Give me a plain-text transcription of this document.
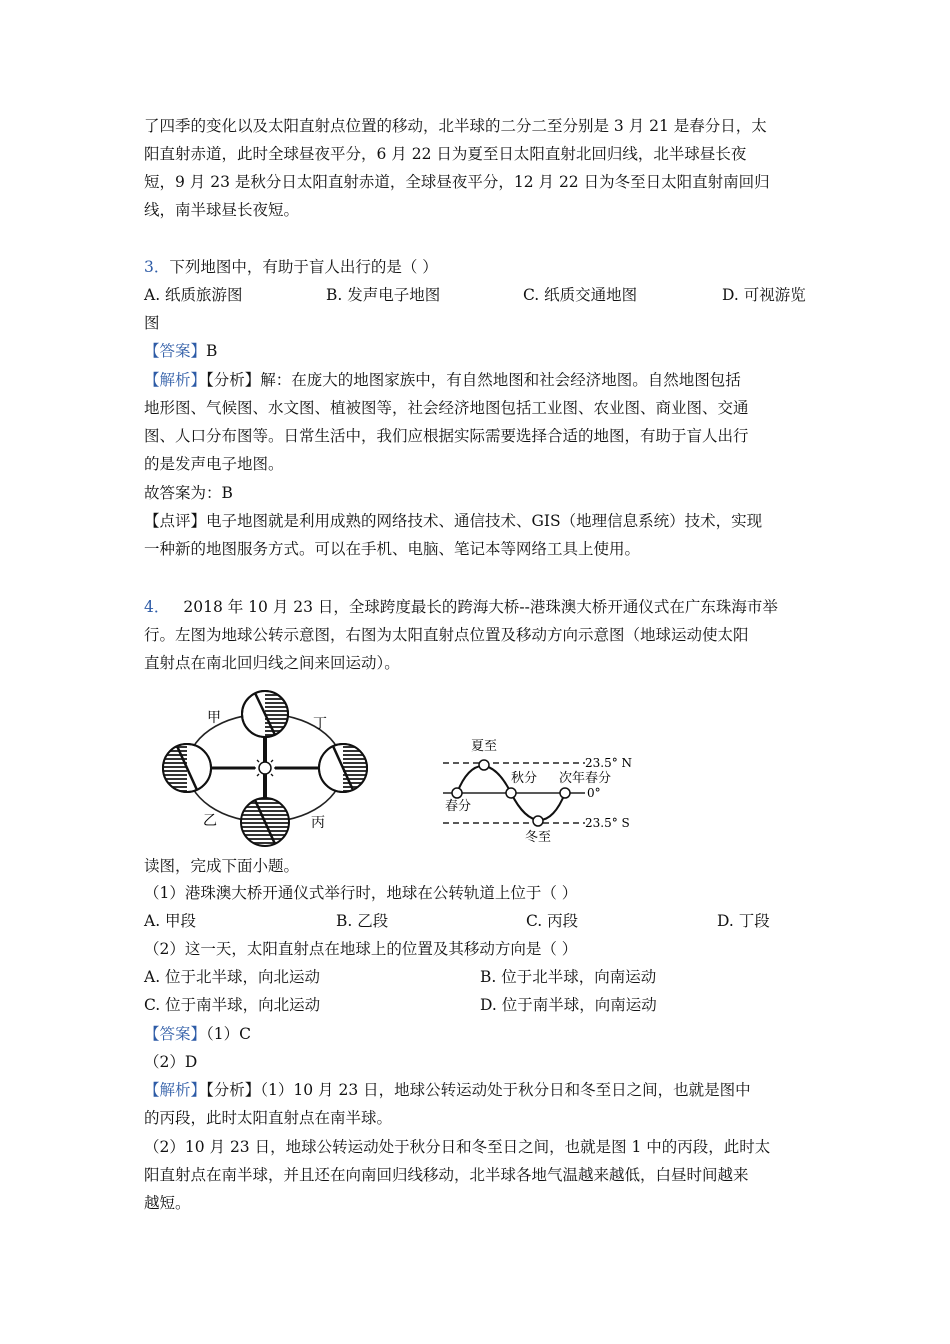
了四季的变化以及太阳直射点位置的移动，北半球的二分二至分别是 3 月 21 是春分日，太
阳直射赤道，此时全球昼夜平分，6 月 22 日为夏至日太阳直射北回归线，北半球昼长夜
短，9 月 23 是秋分日太阳直射赤道，全球昼夜平分，12 月 22 日为冬至日太阳直射南回归
线，南半球昼长夜短。
3．下列地图中，有助于盲人出行的是（ ）
A. 纸质旅游图	B. 发声电子地图	C. 纸质交通地图	D. 可视游览
图
【答案】B
【解析】【分析】解：在庞大的地图家族中，有自然地图和社会经济地图。自然地图包括
地形图、气候图、水文图、植被图等，社会经济地图包括工业图、农业图、商业图、交通
图、人口分布图等。日常生活中，我们应根据实际需要选择合适的地图，有助于盲人出行
的是发声电子地图。
故答案为：B
【点评】电子地图就是利用成熟的网络技术、通信技术、GIS（地理信息系统）技术，实现
一种新的地图服务方式。可以在手机、电脑、笔记本等网络工具上使用。
4． 2018 年 10 月 23 日，全球跨度最长的跨海大桥--港珠澳大桥开通仪式在广东珠海市举
行。左图为地球公转示意图，右图为太阳直射点位置及移动方向示意图（地球运动使太阳
直射点在南北回归线之间来回运动）。
甲	丁
乙	丙
夏至
秋分 次年春分
春分
冬至
23.5° N
0°
23.5° S
读图，完成下面小题。
（1）港珠澳大桥开通仪式举行时，地球在公转轨道上位于（ ）
A. 甲段	B. 乙段	C. 丙段	D. 丁段
（2）这一天，太阳直射点在地球上的位置及其移动方向是（ ）
A. 位于北半球，向北运动	B. 位于北半球，向南运动
C. 位于南半球，向北运动	D. 位于南半球，向南运动
【答案】（1）C
（2）D
【解析】【分析】（1）10 月 23 日，地球公转运动处于秋分日和冬至日之间，也就是图中
的丙段，此时太阳直射点在南半球。
（2）10 月 23 日，地球公转运动处于秋分日和冬至日之间，也就是图 1 中的丙段，此时太
阳直射点在南半球，并且还在向南回归线移动，北半球各地气温越来越低，白昼时间越来
越短。
